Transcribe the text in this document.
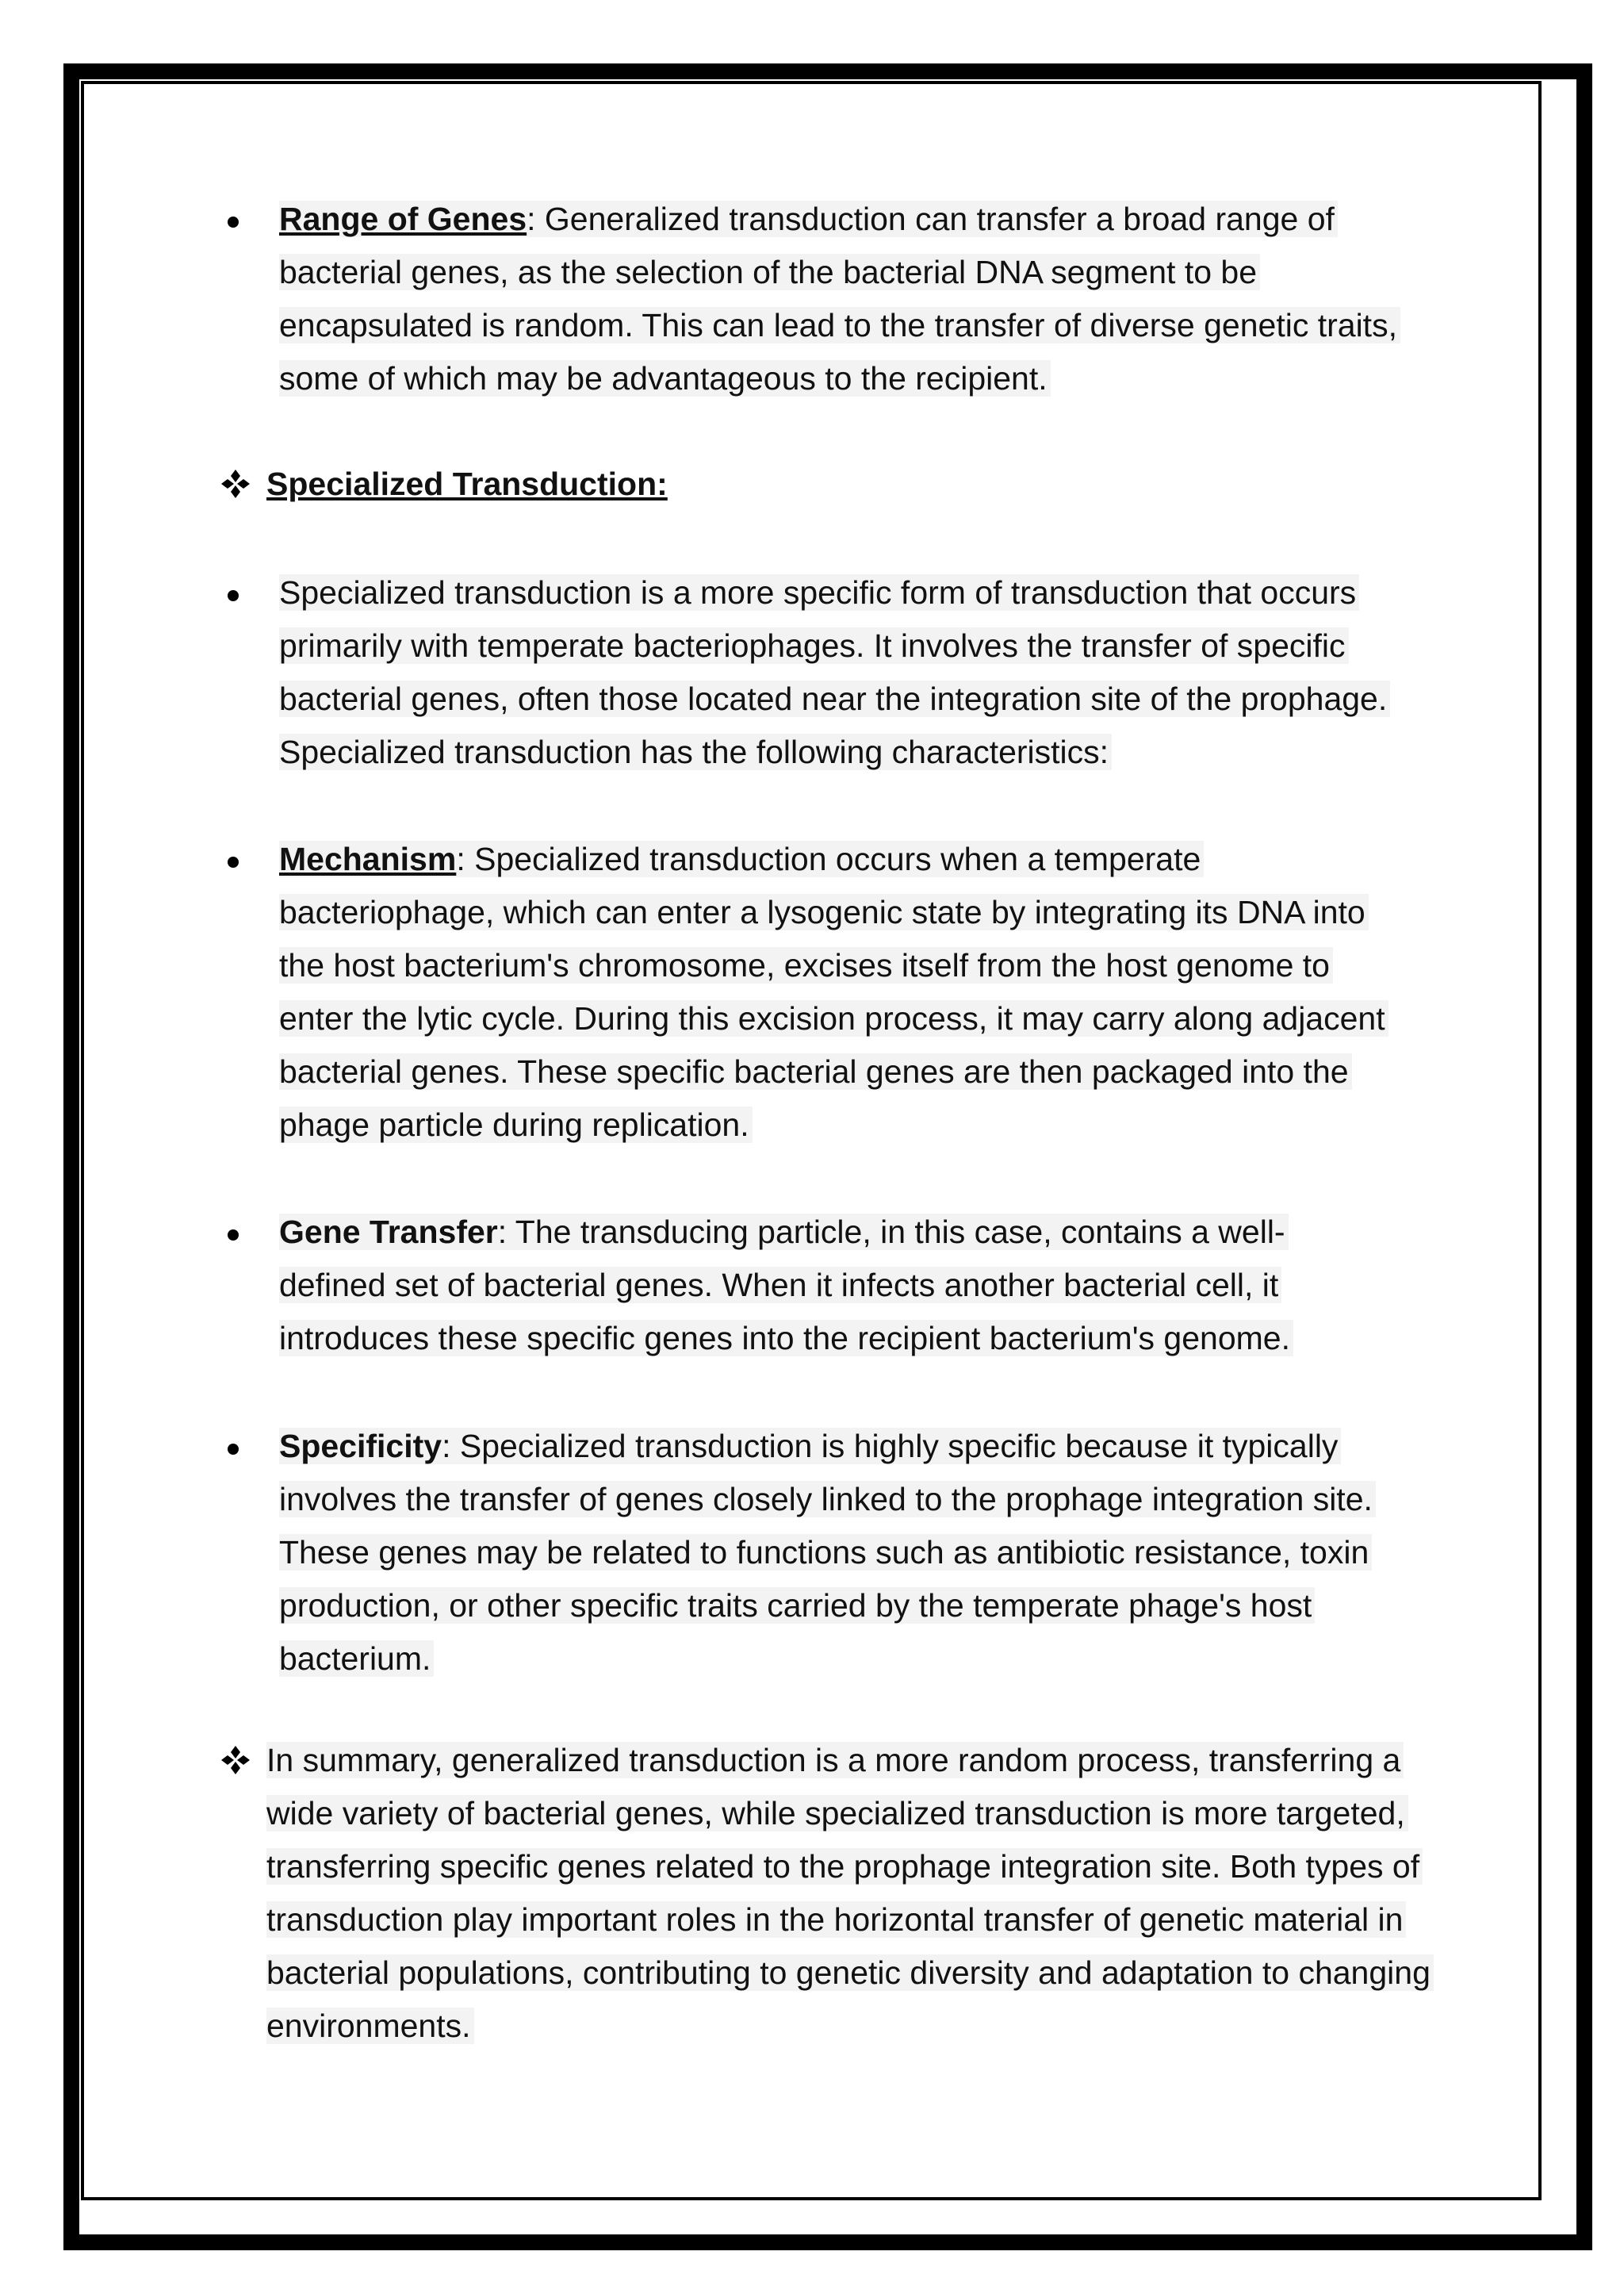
Range of Genes: Generalized transduction can transfer a broad range of bacterial genes, as the selection of the bacterial DNA segment to be encapsulated is random. This can lead to the transfer of diverse genetic traits, some of which may be advantageous to the recipient.
Specialized Transduction:
Specialized transduction is a more specific form of transduction that occurs primarily with temperate bacteriophages. It involves the transfer of specific bacterial genes, often those located near the integration site of the prophage. Specialized transduction has the following characteristics:
Mechanism: Specialized transduction occurs when a temperate bacteriophage, which can enter a lysogenic state by integrating its DNA into the host bacterium's chromosome, excises itself from the host genome to enter the lytic cycle. During this excision process, it may carry along adjacent bacterial genes. These specific bacterial genes are then packaged into the phage particle during replication.
Gene Transfer: The transducing particle, in this case, contains a well-defined set of bacterial genes. When it infects another bacterial cell, it introduces these specific genes into the recipient bacterium's genome.
Specificity: Specialized transduction is highly specific because it typically involves the transfer of genes closely linked to the prophage integration site. These genes may be related to functions such as antibiotic resistance, toxin production, or other specific traits carried by the temperate phage's host bacterium.
In summary, generalized transduction is a more random process, transferring a wide variety of bacterial genes, while specialized transduction is more targeted, transferring specific genes related to the prophage integration site. Both types of transduction play important roles in the horizontal transfer of genetic material in bacterial populations, contributing to genetic diversity and adaptation to changing environments.
